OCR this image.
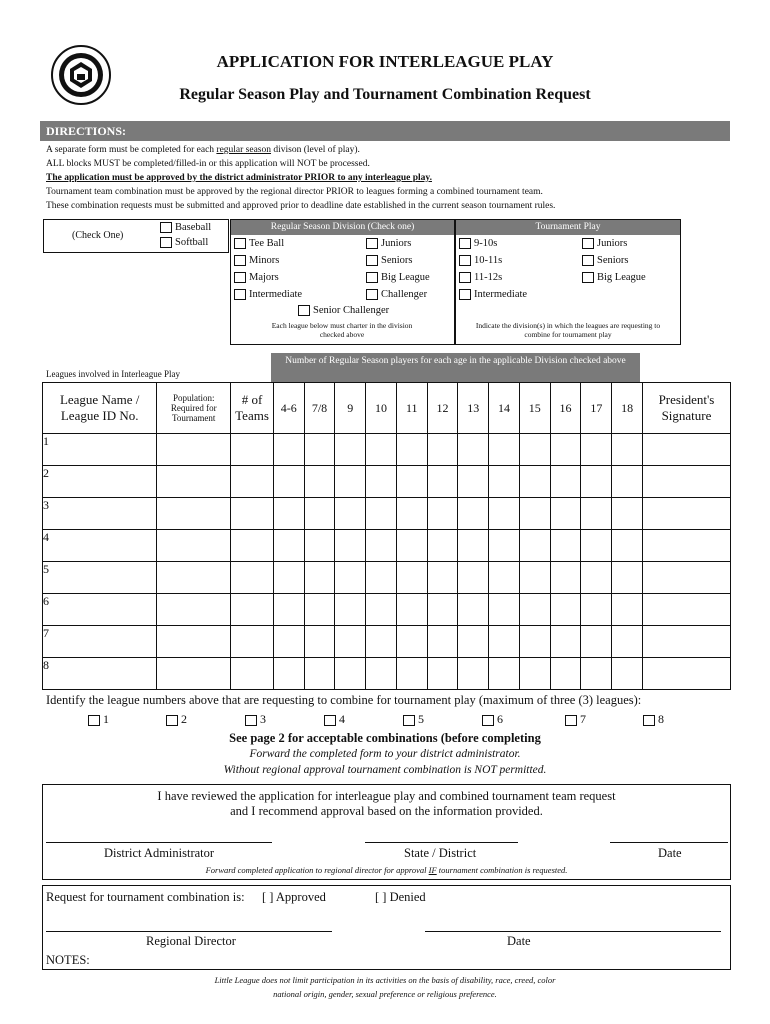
APPLICATION FOR INTERLEAGUE PLAY
Regular Season Play and Tournament Combination Request
DIRECTIONS:
A separate form must be completed for each regular season divison (level of play).
ALL blocks MUST be completed/filled-in or this application will NOT be processed.
The application must be approved by the district administrator PRIOR to any interleague play.
Tournament team combination must be approved by the regional director PRIOR to leagues forming a combined tournament team.
These combination requests must be submitted and approved prior to deadline date established in the current season tournament rules.
(Check One)
Baseball
Softball
Regular Season Division (Check one)
Tee Ball
Minors
Majors
Intermediate
Juniors
Seniors
Big League
Challenger
Senior Challenger
Each league below must charter in the division checked above
Tournament Play
9-10s
10-11s
11-12s
Intermediate
Juniors
Seniors
Big League
Indicate the division(s) in which the leagues are requesting to combine for tournament play
Number of Regular Season players for each age in the applicable Division checked above
Leagues involved in Interleague Play
League Name / League ID No.	Population: Required for Tournament	# of Teams	4-6	7/8	9	10	11	12	13	14	15	16	17	18	President's Signature
1															
2															
3															
4															
5															
6															
7															
8															
Identify the league numbers above that are requesting to combine for tournament play (maximum of three (3) leagues):
1	2	3	4	5	6	7	8
See page 2 for acceptable combinations (before completing
Forward the completed form to your district administrator.
Without regional approval tournament combination is NOT permitted.
I have reviewed the application for interleague play and combined tournament team request
and I recommend approval based on the information provided.
District Administrator	State / District	Date
Forward completed application to regional director for approval IF tournament combination is requested.
Request for tournament combination is: [ ] Approved	[ ] Denied
Regional Director	Date
NOTES:
Little League does not limit participation in its activities on the basis of disability, race, creed, color
national origin, gender, sexual preference or religious preference.
